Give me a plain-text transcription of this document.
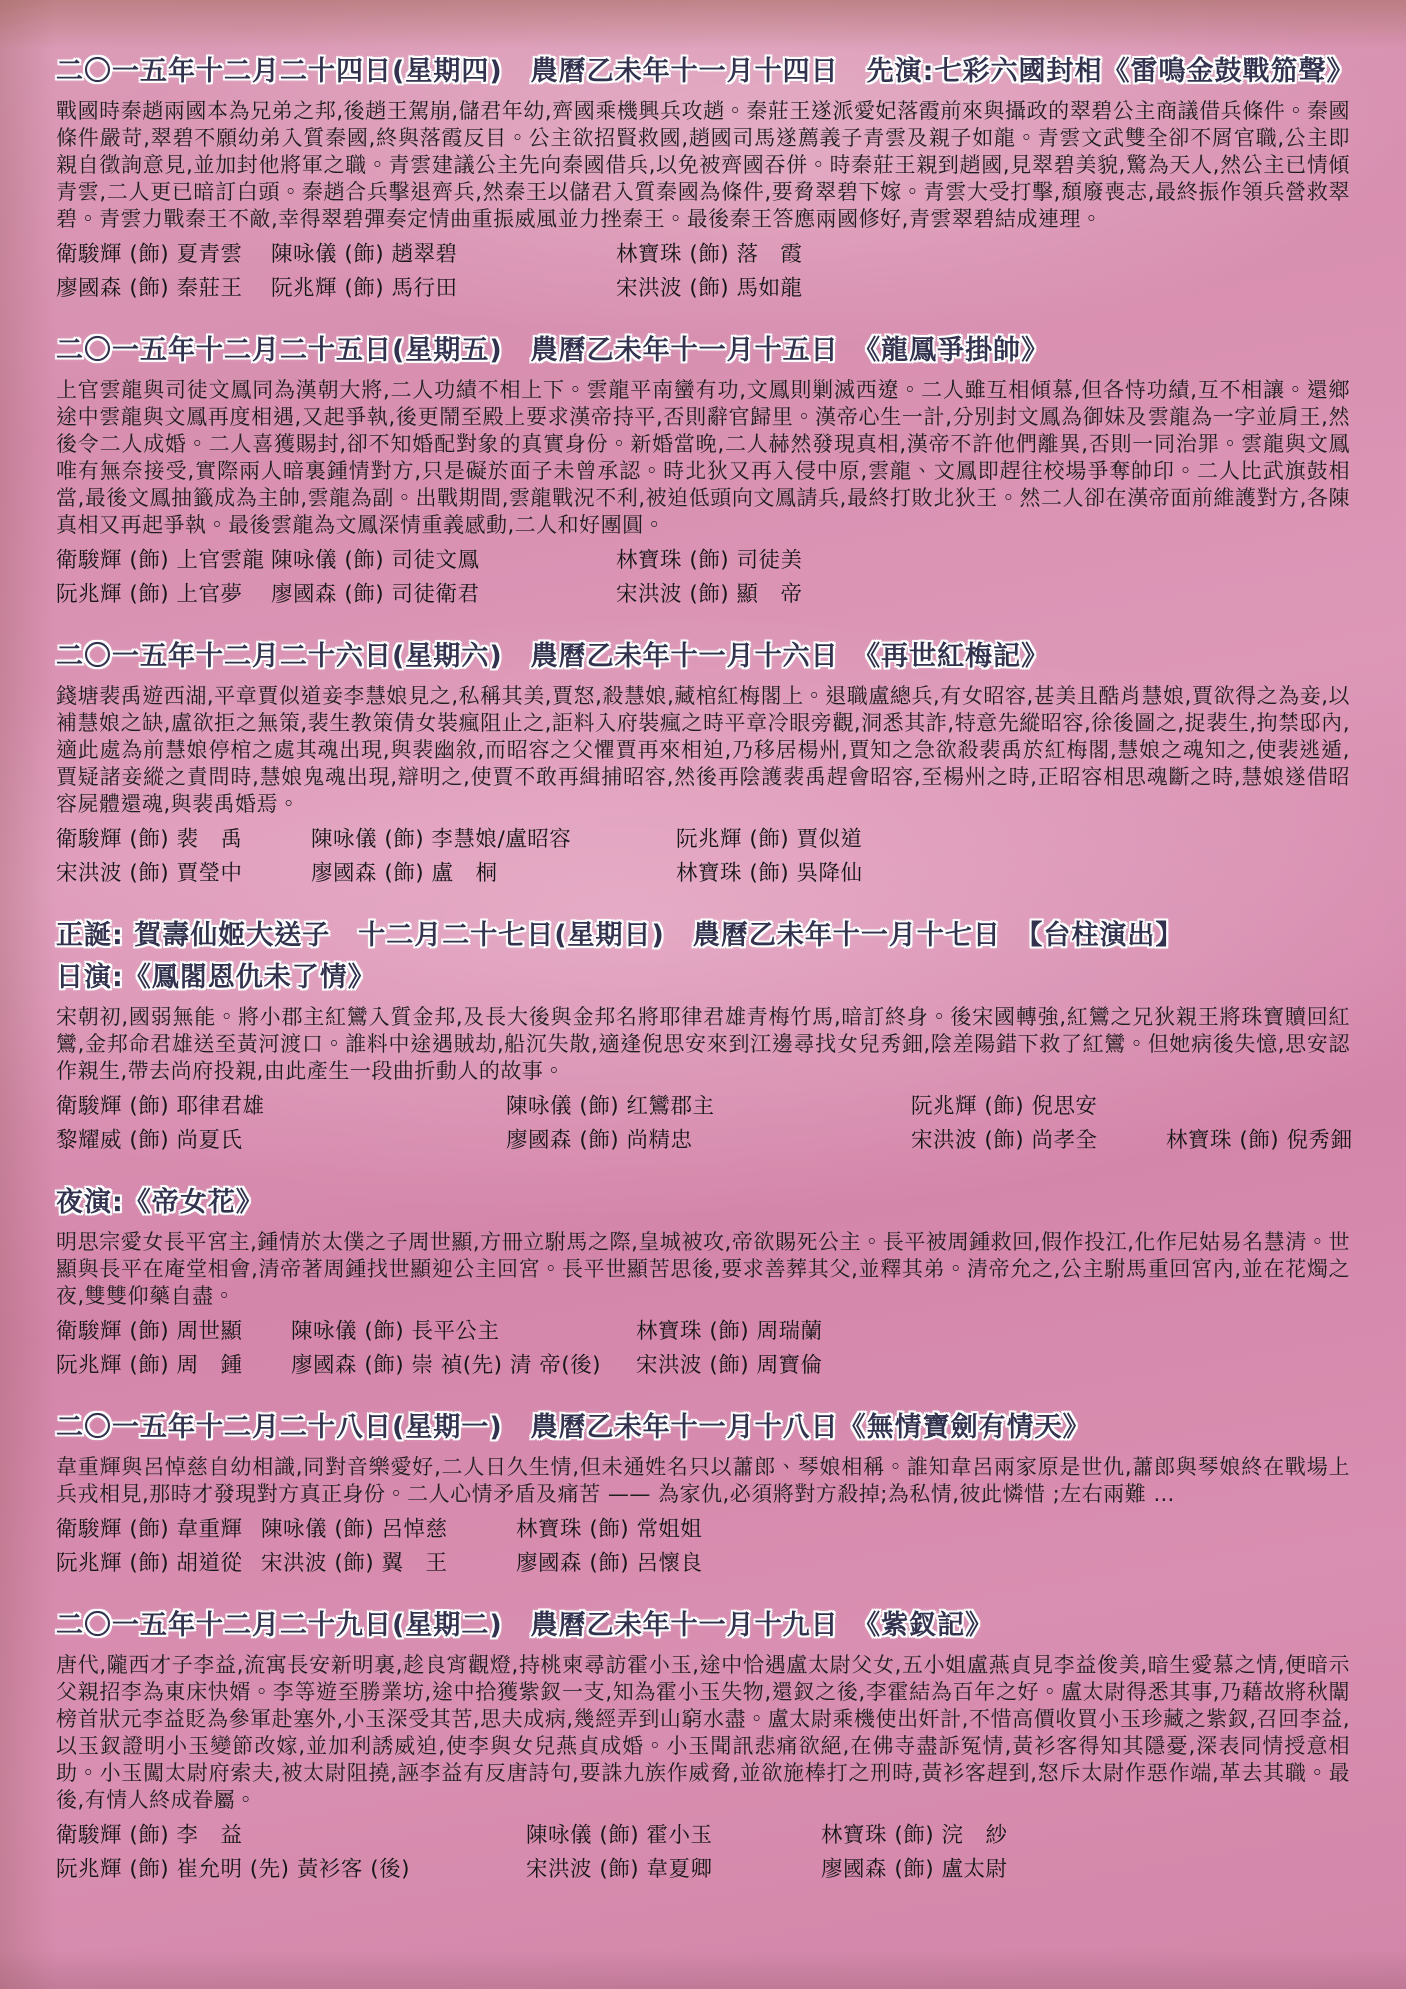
二〇一五年十二月二十四日(星期四)　農曆乙未年十一月十四日　先演:七彩六國封相《雷鳴金鼓戰笳聲》

戰國時秦趙兩國本為兄弟之邦,後趙王駕崩,儲君年幼,齊國乘機興兵攻趙。秦莊王遂派愛妃落霞前來與攝政的翠碧公主商議借兵條件。秦國條件嚴苛,翠碧不願幼弟入質秦國,終與落霞反目。公主欲招賢救國,趙國司馬遂薦義子青雲及親子如龍。青雲文武雙全卻不屑官職,公主即親自徵詢意見,並加封他將軍之職。青雲建議公主先向秦國借兵,以免被齊國吞併。時秦莊王親到趙國,見翠碧美貌,驚為天人,然公主已情傾青雲,二人更已暗訂白頭。秦趙合兵擊退齊兵,然秦王以儲君入質秦國為條件,要脅翠碧下嫁。青雲大受打擊,頹廢喪志,最終振作領兵營救翠碧。青雲力戰秦王不敵,幸得翠碧彈奏定情曲重振威風並力挫秦王。最後秦王答應兩國修好,青雲翠碧結成連理。

衛駿輝 (飾) 夏青雲	陳咏儀 (飾) 趙翠碧	林寶珠 (飾) 落　霞
廖國森 (飾) 秦莊王	阮兆輝 (飾) 馬行田	宋洪波 (飾) 馬如龍
二〇一五年十二月二十五日(星期五)　農曆乙未年十一月十五日　《龍鳳爭掛帥》

上官雲龍與司徒文鳳同為漢朝大將,二人功績不相上下。雲龍平南蠻有功,文鳳則剿滅西遼。二人雖互相傾慕,但各恃功績,互不相讓。還鄉途中雲龍與文鳳再度相遇,又起爭執,後更鬧至殿上要求漢帝持平,否則辭官歸里。漢帝心生一計,分別封文鳳為御妹及雲龍為一字並肩王,然後令二人成婚。二人喜獲賜封,卻不知婚配對象的真實身份。新婚當晚,二人赫然發現真相,漢帝不許他們離異,否則一同治罪。雲龍與文鳳唯有無奈接受,實際兩人暗裏鍾情對方,只是礙於面子未曾承認。時北狄又再入侵中原,雲龍、文鳳即趕往校場爭奪帥印。二人比武旗鼓相當,最後文鳳抽籤成為主帥,雲龍為副。出戰期間,雲龍戰況不利,被迫低頭向文鳳請兵,最終打敗北狄王。然二人卻在漢帝面前維護對方,各陳真相又再起爭執。最後雲龍為文鳳深情重義感動,二人和好團圓。

衛駿輝 (飾) 上官雲龍 陳咏儀 (飾) 司徒文鳳	林寶珠 (飾) 司徒美
阮兆輝 (飾) 上官夢	廖國森 (飾) 司徒衛君	宋洪波 (飾) 顯　帝
二〇一五年十二月二十六日(星期六)　農曆乙未年十一月十六日　《再世紅梅記》

錢塘裴禹遊西湖,平章賈似道妾李慧娘見之,私稱其美,賈怒,殺慧娘,藏棺紅梅閣上。退職盧總兵,有女昭容,甚美且酷肖慧娘,賈欲得之為妾,以補慧娘之缺,盧欲拒之無策,裴生教策倩女裝瘋阻止之,詎料入府裝瘋之時平章冷眼旁觀,洞悉其詐,特意先縱昭容,徐後圖之,捉裴生,拘禁邸內,適此處為前慧娘停棺之處其魂出現,與裴幽敘,而昭容之父懼賈再來相迫,乃移居楊州,賈知之急欲殺裴禹於紅梅閣,慧娘之魂知之,使裴逃遁,賈疑諸妾縱之責問時,慧娘鬼魂出現,辯明之,使賈不敢再緝捕昭容,然後再陰護裴禹趕會昭容,至楊州之時,正昭容相思魂斷之時,慧娘遂借昭容屍體還魂,與裴禹婚焉。

衛駿輝 (飾) 裴　禹	陳咏儀 (飾) 李慧娘/盧昭容	阮兆輝 (飾) 賈似道
宋洪波 (飾) 賈瑩中	廖國森 (飾) 盧　桐	林寶珠 (飾) 吳降仙
正誕: 賀壽仙姬大送子　十二月二十七日(星期日)　農曆乙未年十一月十七日　【台柱演出】
日演:《鳳閣恩仇未了情》

宋朝初,國弱無能。將小郡主紅鸞入質金邦,及長大後與金邦名將耶律君雄青梅竹馬,暗訂終身。後宋國轉強,紅鸞之兄狄親王將珠寶贖回紅鸞,金邦命君雄送至黃河渡口。誰料中途遇賊劫,船沉失散,適逢倪思安來到江邊尋找女兒秀鈿,陰差陽錯下救了紅鸞。但她病後失憶,思安認作親生,帶去尚府投親,由此產生一段曲折動人的故事。

衛駿輝 (飾) 耶律君雄	陳咏儀 (飾) 红鸞郡主	阮兆輝 (飾) 倪思安
黎耀威 (飾) 尚夏氏	廖國森 (飾) 尚精忠	宋洪波 (飾) 尚孝全	林寶珠 (飾) 倪秀鈿
夜演:《帝女花》

明思宗愛女長平宮主,鍾情於太僕之子周世顯,方冊立駙馬之際,皇城被攻,帝欲賜死公主。長平被周鍾救回,假作投江,化作尼姑易名慧清。世顯與長平在庵堂相會,清帝著周鍾找世顯迎公主回宮。長平世顯苦思後,要求善葬其父,並釋其弟。清帝允之,公主駙馬重回宮內,並在花燭之夜,雙雙仰藥自盡。

衛駿輝 (飾) 周世顯	陳咏儀 (飾) 長平公主	林寶珠 (飾) 周瑞蘭
阮兆輝 (飾) 周　鍾	廖國森 (飾) 崇 禎(先) 清 帝(後)	宋洪波 (飾) 周寶倫
二〇一五年十二月二十八日(星期一)　農曆乙未年十一月十八日《無情寶劍有情天》

韋重輝與呂悼慈自幼相識,同對音樂愛好,二人日久生情,但未通姓名只以蕭郎、琴娘相稱。誰知韋呂兩家原是世仇,蕭郎與琴娘終在戰場上兵戎相見,那時才發現對方真正身份。二人心情矛盾及痛苦 —— 為家仇,必須將對方殺掉;為私情,彼此憐惜 ;左右兩難 …

衛駿輝 (飾) 韋重輝 陳咏儀 (飾) 呂悼慈	林寶珠 (飾) 常姐姐
阮兆輝 (飾) 胡道從 宋洪波 (飾) 翼　王	廖國森 (飾) 呂懷良
二〇一五年十二月二十九日(星期二)　農曆乙未年十一月十九日　《紫釵記》

唐代,隴西才子李益,流寓長安新明裏,趁良宵觀燈,持桃柬尋訪霍小玉,途中恰遇盧太尉父女,五小姐盧燕貞見李益俊美,暗生愛慕之情,便暗示父親招李為東床快婿。李等遊至勝業坊,途中拾獲紫釵一支,知為霍小玉失物,還釵之後,李霍結為百年之好。盧太尉得悉其事,乃藉故將秋闈榜首狀元李益貶為參軍赴塞外,小玉深受其苦,思夫成病,幾經弄到山窮水盡。盧太尉乘機使出奸計,不惜高價收買小玉珍藏之紫釵,召回李益,以玉釵證明小玉變節改嫁,並加利誘威迫,使李與女兒燕貞成婚。小玉聞訊悲痛欲絕,在佛寺盡訴冤情,黃衫客得知其隱憂,深表同情授意相助。小玉闖太尉府索夫,被太尉阻撓,誣李益有反唐詩句,要誅九族作威脅,並欲施棒打之刑時,黃衫客趕到,怒斥太尉作惡作端,革去其職。最後,有情人終成眷屬。

衛駿輝 (飾) 李　益	陳咏儀 (飾) 霍小玉	林寶珠 (飾) 浣　紗
阮兆輝 (飾) 崔允明 (先) 黃衫客 (後)	宋洪波 (飾) 韋夏卿	廖國森 (飾) 盧太尉
